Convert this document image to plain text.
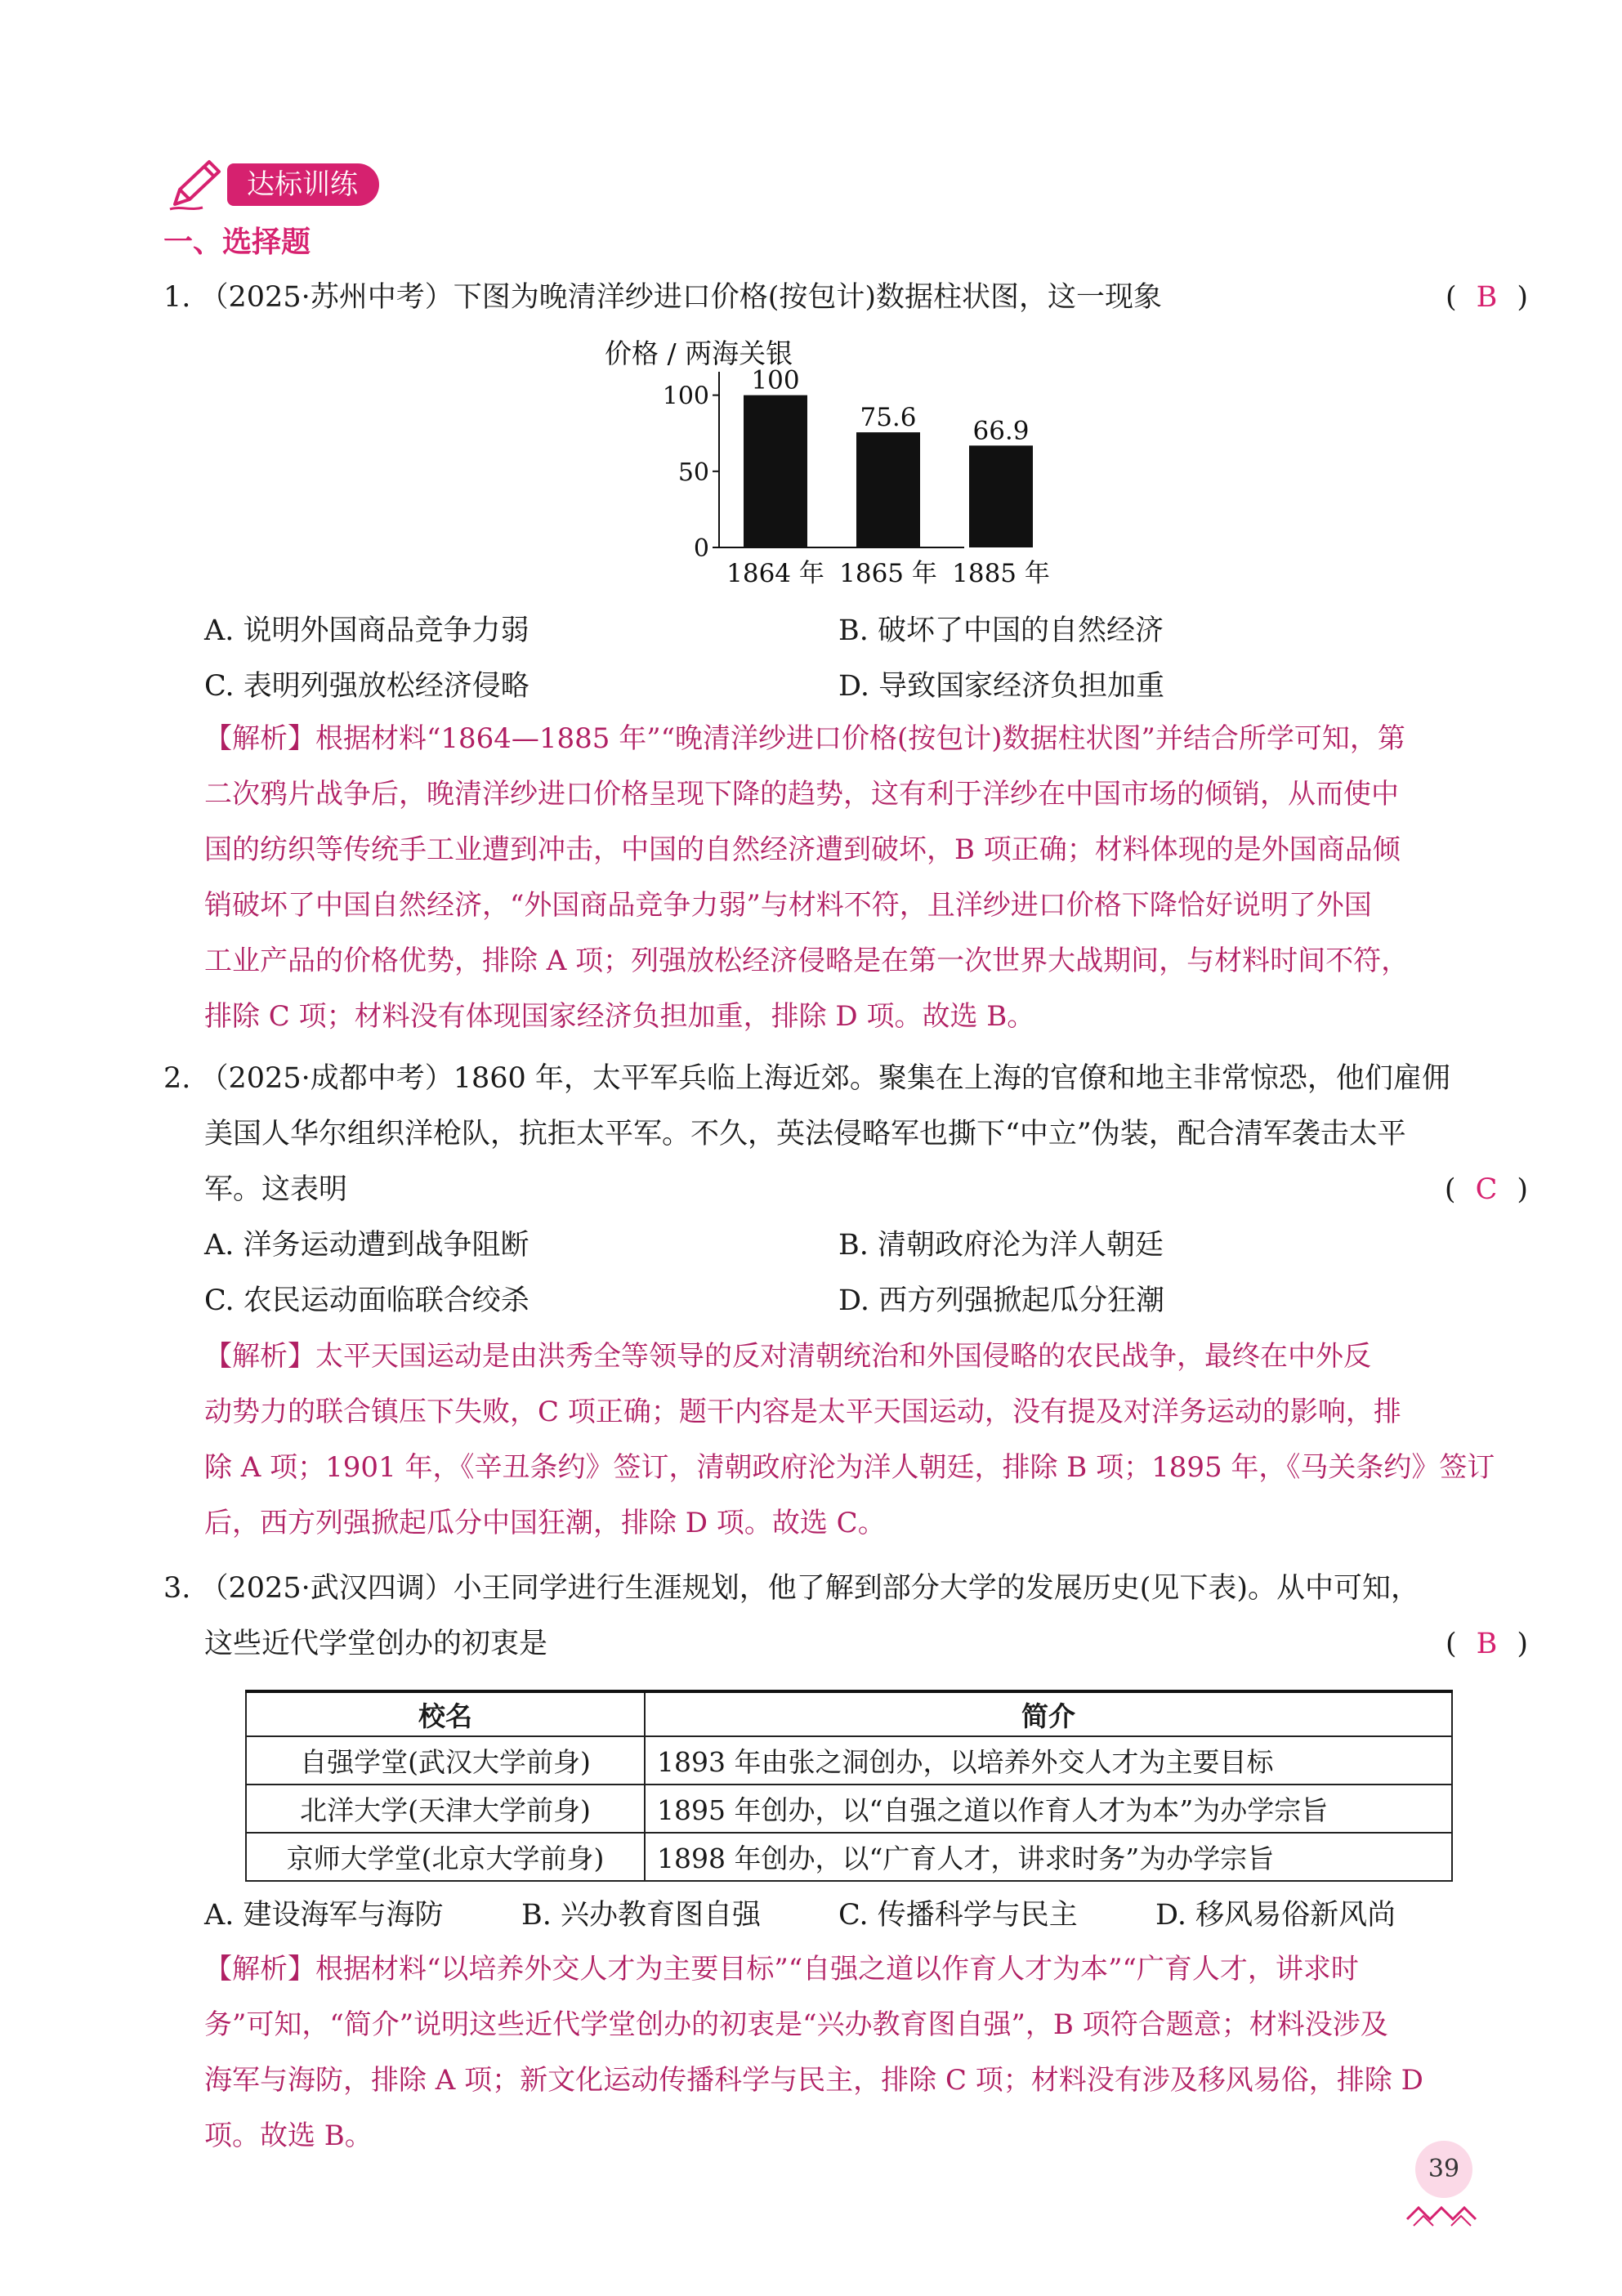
达标训练
一、选择题
1. （2025·苏州中考）下图为晚清洋纱进口价格(按包计)数据柱状图，这一现象	( B )
价格 / 两海关银
0
50
100
100
1864 年
75.6
1865 年
66.9
1885 年
A. 说明外国商品竞争力弱	B. 破坏了中国的自然经济
C. 表明列强放松经济侵略	D. 导致国家经济负担加重
【解析】根据材料“1864—1885 年”“晚清洋纱进口价格(按包计)数据柱状图”并结合所学可知，第
二次鸦片战争后，晚清洋纱进口价格呈现下降的趋势，这有利于洋纱在中国市场的倾销，从而使中
国的纺织等传统手工业遭到冲击，中国的自然经济遭到破坏，B 项正确；材料体现的是外国商品倾
销破坏了中国自然经济，“外国商品竞争力弱”与材料不符，且洋纱进口价格下降恰好说明了外国
工业产品的价格优势，排除 A 项；列强放松经济侵略是在第一次世界大战期间，与材料时间不符，
排除 C 项；材料没有体现国家经济负担加重，排除 D 项。故选 B。
2. （2025·成都中考）1860 年，太平军兵临上海近郊。聚集在上海的官僚和地主非常惊恐，他们雇佣
美国人华尔组织洋枪队，抗拒太平军。不久，英法侵略军也撕下“中立”伪装，配合清军袭击太平
军。这表明	( C )
A. 洋务运动遭到战争阻断	B. 清朝政府沦为洋人朝廷
C. 农民运动面临联合绞杀	D. 西方列强掀起瓜分狂潮
【解析】太平天国运动是由洪秀全等领导的反对清朝统治和外国侵略的农民战争，最终在中外反
动势力的联合镇压下失败，C 项正确；题干内容是太平天国运动，没有提及对洋务运动的影响，排
除 A 项；1901 年，《辛丑条约》签订，清朝政府沦为洋人朝廷，排除 B 项；1895 年，《马关条约》签订
后，西方列强掀起瓜分中国狂潮，排除 D 项。故选 C。
3. （2025·武汉四调）小王同学进行生涯规划，他了解到部分大学的发展历史(见下表)。从中可知，
这些近代学堂创办的初衷是	( B )
校名	简介
自强学堂(武汉大学前身)	1893 年由张之洞创办，以培养外交人才为主要目标
北洋大学(天津大学前身)	1895 年创办，以“自强之道以作育人才为本”为办学宗旨
京师大学堂(北京大学前身)	1898 年创办，以“广育人才，讲求时务”为办学宗旨
A. 建设海军与海防	B. 兴办教育图自强	C. 传播科学与民主	D. 移风易俗新风尚
【解析】根据材料“以培养外交人才为主要目标”“自强之道以作育人才为本”“广育人才，讲求时
务”可知，“简介”说明这些近代学堂创办的初衷是“兴办教育图自强”，B 项符合题意；材料没涉及
海军与海防，排除 A 项；新文化运动传播科学与民主，排除 C 项；材料没有涉及移风易俗，排除 D
项。故选 B。
39
